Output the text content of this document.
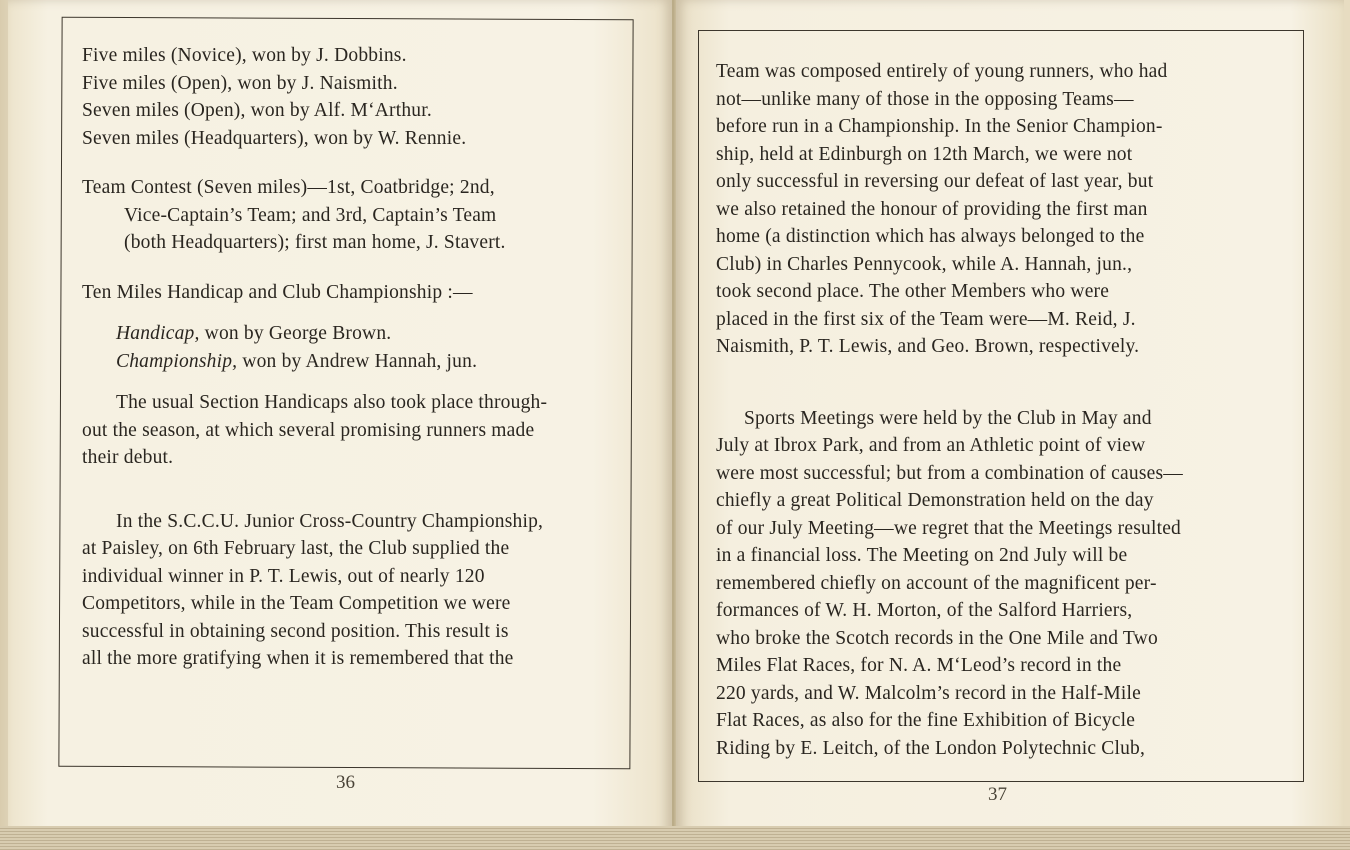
Five miles (Novice), won by J. Dobbins.
Five miles (Open), won by J. Naismith.
Seven miles (Open), won by Alf. M‘Arthur.
Seven miles (Headquarters), won by W. Rennie.
Team Contest (Seven miles)—1st, Coatbridge; 2nd,
Vice-Captain’s Team; and 3rd, Captain’s Team
(both Headquarters); first man home, J. Stavert.
Ten Miles Handicap and Club Championship :—
Handicap, won by George Brown.
Championship, won by Andrew Hannah, jun.
The usual Section Handicaps also took place through-
out the season, at which several promising runners made
their debut.
In the S.C.C.U. Junior Cross-Country Championship,
at Paisley, on 6th February last, the Club supplied the
individual winner in P. T. Lewis, out of nearly 120
Competitors, while in the Team Competition we were
successful in obtaining second position. This result is
all the more gratifying when it is remembered that the
36
Team was composed entirely of young runners, who had
not—unlike many of those in the opposing Teams—
before run in a Championship. In the Senior Champion-
ship, held at Edinburgh on 12th March, we were not
only successful in reversing our defeat of last year, but
we also retained the honour of providing the first man
home (a distinction which has always belonged to the
Club) in Charles Pennycook, while A. Hannah, jun.,
took second place. The other Members who were
placed in the first six of the Team were—M. Reid, J.
Naismith, P. T. Lewis, and Geo. Brown, respectively.
Sports Meetings were held by the Club in May and
July at Ibrox Park, and from an Athletic point of view
were most successful; but from a combination of causes—
chiefly a great Political Demonstration held on the day
of our July Meeting—we regret that the Meetings resulted
in a financial loss. The Meeting on 2nd July will be
remembered chiefly on account of the magnificent per-
formances of W. H. Morton, of the Salford Harriers,
who broke the Scotch records in the One Mile and Two
Miles Flat Races, for N. A. M‘Leod’s record in the
220 yards, and W. Malcolm’s record in the Half-Mile
Flat Races, as also for the fine Exhibition of Bicycle
Riding by E. Leitch, of the London Polytechnic Club,
37
